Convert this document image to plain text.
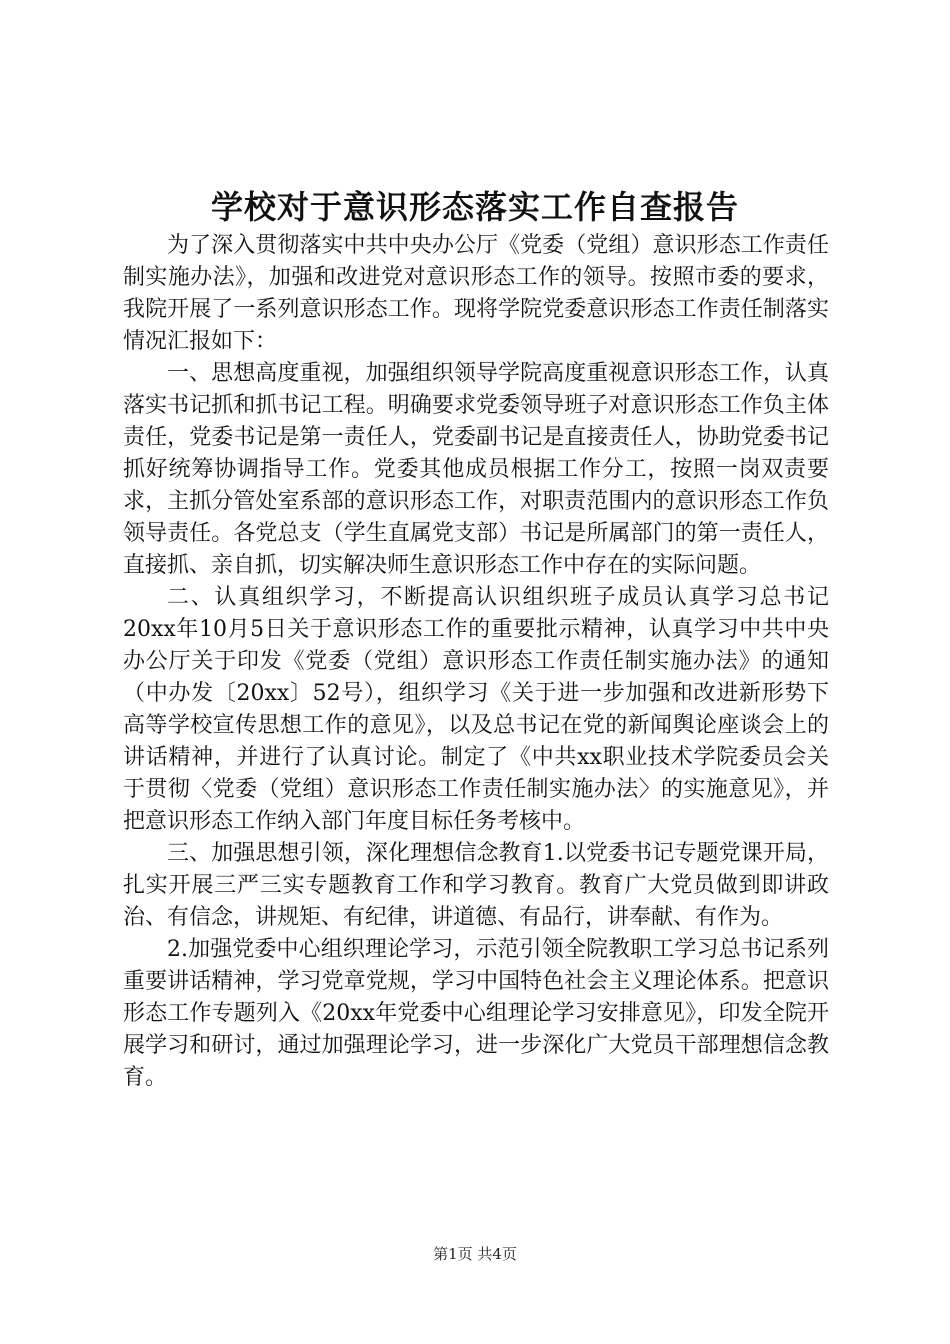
学校对于意识形态落实工作自查报告

为了深入贯彻落实中共中央办公厅《党委（党组）意识形态工作责任制实施办法》，加强和改进党对意识形态工作的领导。按照市委的要求，我院开展了一系列意识形态工作。现将学院党委意识形态工作责任制落实情况汇报如下：

一、思想高度重视，加强组织领导学院高度重视意识形态工作，认真落实书记抓和抓书记工程。明确要求党委领导班子对意识形态工作负主体责任，党委书记是第一责任人，党委副书记是直接责任人，协助党委书记抓好统筹协调指导工作。党委其他成员根据工作分工，按照一岗双责要求，主抓分管处室系部的意识形态工作，对职责范围内的意识形态工作负领导责任。各党总支（学生直属党支部）书记是所属部门的第一责任人，直接抓、亲自抓，切实解决师生意识形态工作中存在的实际问题。

二、认真组织学习，不断提高认识组织班子成员认真学习总书记20xx年10月5日关于意识形态工作的重要批示精神，认真学习中共中央办公厅关于印发《党委（党组）意识形态工作责任制实施办法》的通知（中办发〔20xx〕52号），组织学习《关于进一步加强和改进新形势下高等学校宣传思想工作的意见》，以及总书记在党的新闻舆论座谈会上的讲话精神，并进行了认真讨论。制定了《中共xx职业技术学院委员会关于贯彻〈党委（党组）意识形态工作责任制实施办法〉的实施意见》，并把意识形态工作纳入部门年度目标任务考核中。

三、加强思想引领，深化理想信念教育1.以党委书记专题党课开局，扎实开展三严三实专题教育工作和学习教育。教育广大党员做到即讲政治、有信念，讲规矩、有纪律，讲道德、有品行，讲奉献、有作为。

2.加强党委中心组织理论学习，示范引领全院教职工学习总书记系列重要讲话精神，学习党章党规，学习中国特色社会主义理论体系。把意识形态工作专题列入《20xx年党委中心组理论学习安排意见》，印发全院开展学习和研讨，通过加强理论学习，进一步深化广大党员干部理想信念教育。

第1页 共4页
